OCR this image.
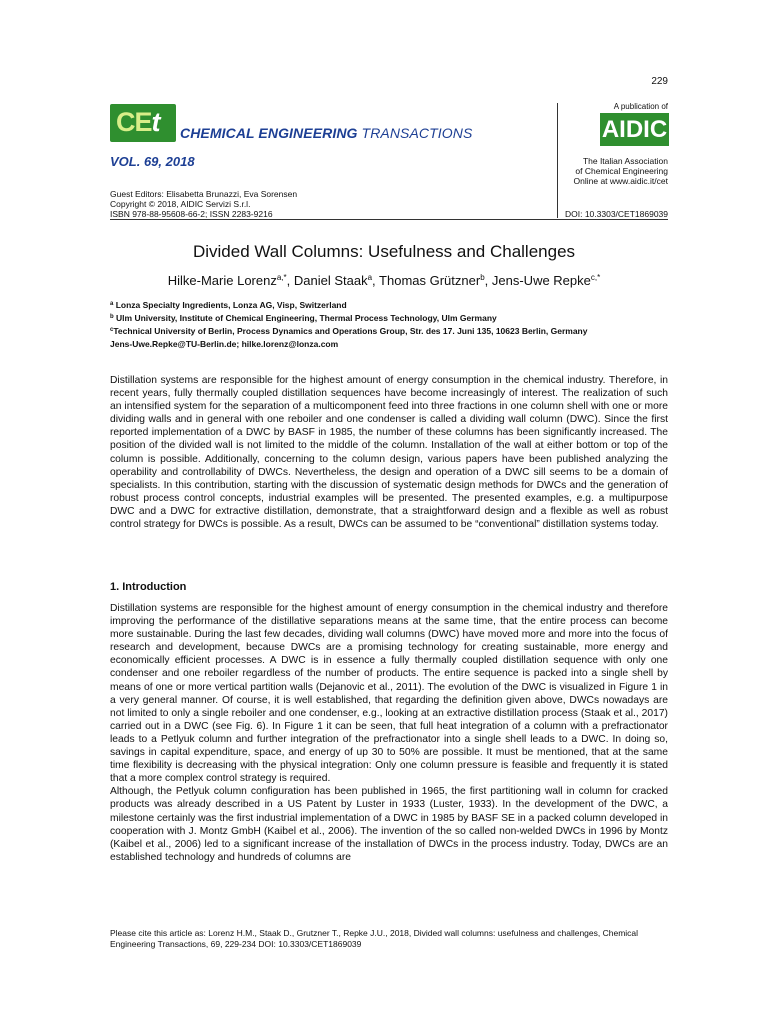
229
CEt CHEMICAL ENGINEERING TRANSACTIONS
VOL. 69, 2018
A publication of
AIDIC
The Italian Association
of Chemical Engineering
Online at www.aidic.it/cet
Guest Editors: Elisabetta Brunazzi, Eva Sorensen
Copyright © 2018, AIDIC Servizi S.r.l.
ISBN 978-88-95608-66-2; ISSN 2283-9216	DOI: 10.3303/CET1869039
Divided Wall Columns: Usefulness and Challenges
Hilke-Marie Lorenz$^{a,*}$, Daniel Staak$^a$, Thomas Grützner$^b$, Jens-Uwe Repke$^{c,*}$
$^a$ Lonza Specialty Ingredients, Lonza AG, Visp, Switzerland
$^b$ Ulm University, Institute of Chemical Engineering, Thermal Process Technology, Ulm Germany
$^c$Technical University of Berlin, Process Dynamics and Operations Group, Str. des 17. Juni 135, 10623 Berlin, Germany
Jens-Uwe.Repke@TU-Berlin.de; hilke.lorenz@lonza.com

Distillation systems are responsible for the highest amount of energy consumption in the chemical industry. Therefore, in recent years, fully thermally coupled distillation sequences have become increasingly of interest. The realization of such an intensified system for the separation of a multicomponent feed into three fractions in one column shell with one or more dividing walls and in general with one reboiler and one condenser is called a dividing wall column (DWC). Since the first reported implementation of a DWC by BASF in 1985, the number of these columns has been significantly increased. The position of the divided wall is not limited to the middle of the column. Installation of the wall at either bottom or top of the column is possible. Additionally, concerning to the column design, various papers have been published analyzing the operability and controllability of DWCs. Nevertheless, the design and operation of a DWC sill seems to be a domain of specialists. In this contribution, starting with the discussion of systematic design methods for DWCs and the generation of robust process control concepts, industrial examples will be presented. The presented examples, e.g. a multipurpose DWC and a DWC for extractive distillation, demonstrate, that a straightforward design and a flexible as well as robust control strategy for DWCs is possible. As a result, DWCs can be assumed to be “conventional” distillation systems today.

1. Introduction

Distillation systems are responsible for the highest amount of energy consumption in the chemical industry and therefore improving the performance of the distillative separations means at the same time, that the entire process can become more sustainable. During the last few decades, dividing wall columns (DWC) have moved more and more into the focus of research and development, because DWCs are a promising technology for creating sustainable, more energy and economically efficient processes. A DWC is in essence a fully thermally coupled distillation sequence with only one condenser and one reboiler regardless of the number of products. The entire sequence is packed into a single shell by means of one or more vertical partition walls (Dejanovic et al., 2011). The evolution of the DWC is visualized in Figure 1 in a very general manner. Of course, it is well established, that regarding the definition given above, DWCs nowadays are not limited to only a single reboiler and one condenser, e.g., looking at an extractive distillation process (Staak et al., 2017) carried out in a DWC (see Fig. 6). In Figure 1 it can be seen, that full heat integration of a column with a prefractionator leads to a Petlyuk column and further integration of the prefractionator into a single shell leads to a DWC. In doing so, savings in capital expenditure, space, and energy of up 30 to 50% are possible. It must be mentioned, that at the same time flexibility is decreasing with the physical integration: Only one column pressure is feasible and frequently it is stated that a more complex control strategy is required.

Although, the Petlyuk column configuration has been published in 1965, the first partitioning wall in column for cracked products was already described in a US Patent by Luster in 1933 (Luster, 1933). In the development of the DWC, a milestone certainly was the first industrial implementation of a DWC in 1985 by BASF SE in a packed column developed in cooperation with J. Montz GmbH (Kaibel et al., 2006). The invention of the so called non-welded DWCs in 1996 by Montz (Kaibel et al., 2006) led to a significant increase of the installation of DWCs in the process industry. Today, DWCs are an established technology and hundreds of columns are

Please cite this article as: Lorenz H.M., Staak D., Grutzner T., Repke J.U., 2018, Divided wall columns: usefulness and challenges, Chemical Engineering Transactions, 69, 229-234 DOI: 10.3303/CET1869039
